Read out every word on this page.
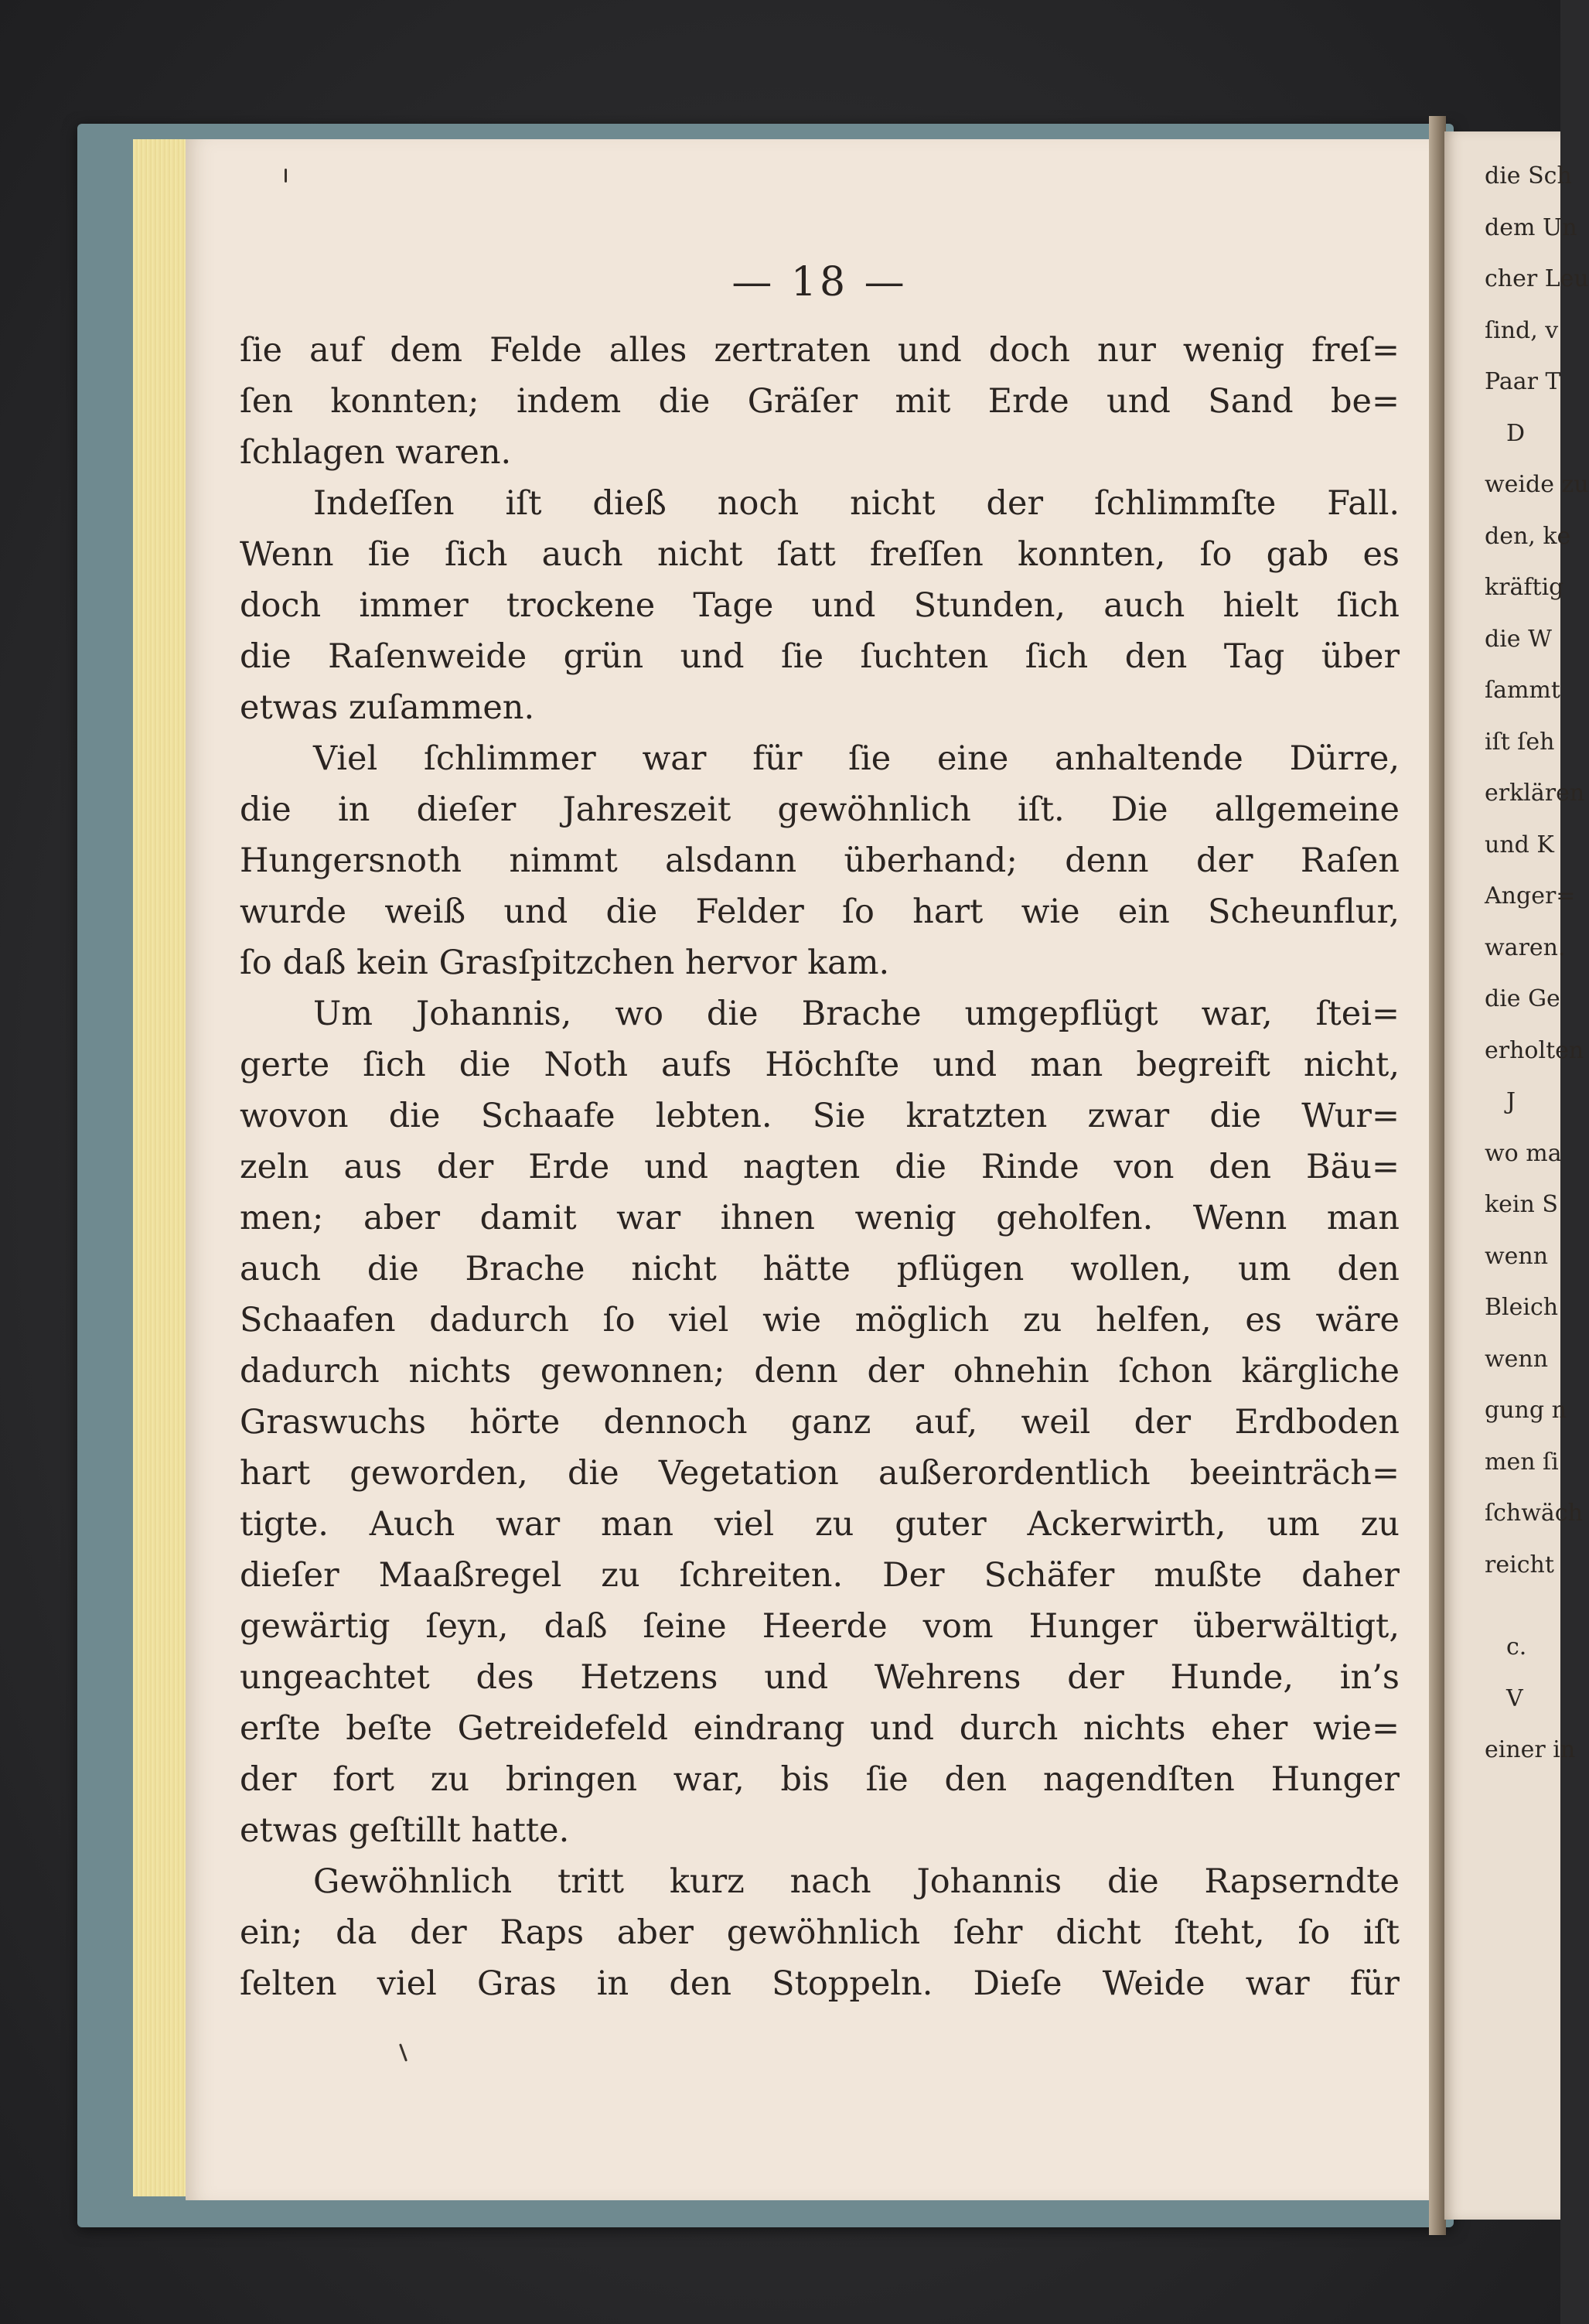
— 18 —
ſie auf dem Felde alles zertraten und doch nur wenig freſ=
ſen konnten; indem die Gräſer mit Erde und Sand be=
ſchlagen waren.
Indeſſen iſt dieß noch nicht der ſchlimmſte Fall.
Wenn ſie ſich auch nicht ſatt freſſen konnten, ſo gab es
doch immer trockene Tage und Stunden, auch hielt ſich
die Raſenweide grün und ſie ſuchten ſich den Tag über
etwas zuſammen.
Viel ſchlimmer war für ſie eine anhaltende Dürre,
die in dieſer Jahreszeit gewöhnlich iſt. Die allgemeine
Hungersnoth nimmt alsdann überhand; denn der Raſen
wurde weiß und die Felder ſo hart wie ein Scheunflur,
ſo daß kein Grasſpitzchen hervor kam.
Um Johannis, wo die Brache umgepflügt war, ſtei=
gerte ſich die Noth aufs Höchſte und man begreift nicht,
wovon die Schaafe lebten. Sie kratzten zwar die Wur=
zeln aus der Erde und nagten die Rinde von den Bäu=
men; aber damit war ihnen wenig geholfen. Wenn man
auch die Brache nicht hätte pflügen wollen, um den
Schaafen dadurch ſo viel wie möglich zu helfen, es wäre
dadurch nichts gewonnen; denn der ohnehin ſchon kärgliche
Graswuchs hörte dennoch ganz auf, weil der Erdboden
hart geworden, die Vegetation außerordentlich beeinträch=
tigte. Auch war man viel zu guter Ackerwirth, um zu
dieſer Maaßregel zu ſchreiten. Der Schäfer mußte daher
gewärtig ſeyn, daß ſeine Heerde vom Hunger überwältigt,
ungeachtet des Hetzens und Wehrens der Hunde, in’s
erſte beſte Getreidefeld eindrang und durch nichts eher wie=
der fort zu bringen war, bis ſie den nagendſten Hunger
etwas geſtillt hatte.
Gewöhnlich tritt kurz nach Johannis die Rapserndte
ein; da der Raps aber gewöhnlich ſehr dicht ſteht, ſo iſt
ſelten viel Gras in den Stoppeln. Dieſe Weide war für
die Sch
dem Un
cher Leu
ſind, v
Paar T
D
weide zu
den, ke
kräftig
die W
ſammt
iſt ſeh
erklären
und K
Anger=
waren.
die Ge
erholten
J
wo ma
kein S
wenn
Bleich
wenn
gung n
men ſi
ſchwäch
reicht
c.
V
einer in
